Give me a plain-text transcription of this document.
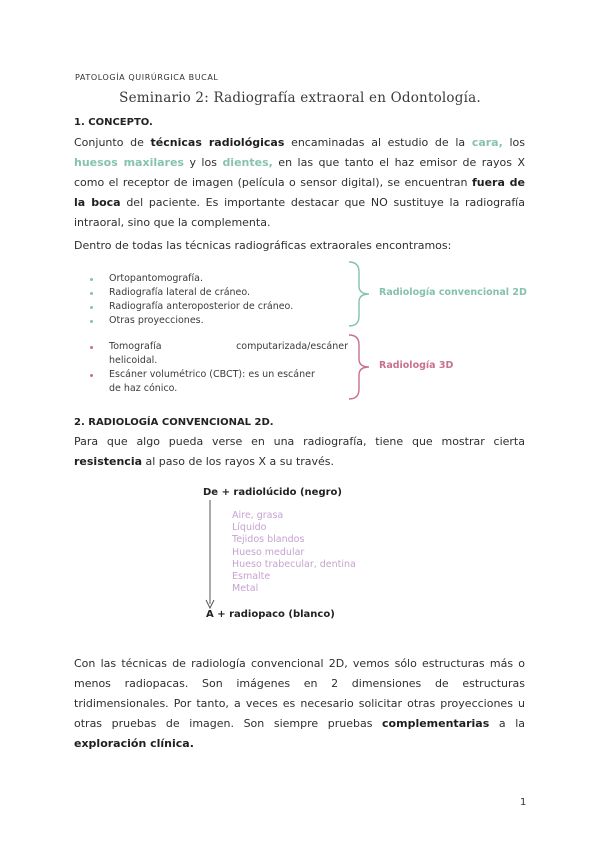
PATOLOGÍA QUIRÚRGICA BUCAL
Seminario 2: Radiografía extraoral en Odontología.
1. CONCEPTO.
Conjunto de técnicas radiológicas encaminadas al estudio de la cara, los huesos maxilares y los dientes, en las que tanto el haz emisor de rayos X como el receptor de imagen (película o sensor digital), se encuentran fuera de la boca del paciente. Es importante destacar que NO sustituye la radiografía intraoral, sino que la complementa.
Dentro de todas las técnicas radiográficas extraorales encontramos:
Ortopantomografía.
Radiografía lateral de cráneo.
Radiografía anteroposterior de cráneo.
Otras proyecciones.
Radiología convencional 2D
Tomografía computarizada/escáner
helicoidal.
Escáner volumétrico (CBCT): es un escáner
de haz cónico.
Radiología 3D
2. RADIOLOGÍA CONVENCIONAL 2D.
Para que algo pueda verse en una radiografía, tiene que mostrar cierta resistencia al paso de los rayos X a su través.
De + radiolúcido (negro)
Aire, grasa
Líquido
Tejidos blandos
Hueso medular
Hueso trabecular, dentina
Esmalte
Metal
A + radiopaco (blanco)
Con las técnicas de radiología convencional 2D, vemos sólo estructuras más o menos radiopacas. Son imágenes en 2 dimensiones de estructuras tridimensionales. Por tanto, a veces es necesario solicitar otras proyecciones u otras pruebas de imagen. Son siempre pruebas complementarias a la exploración clínica.
1
